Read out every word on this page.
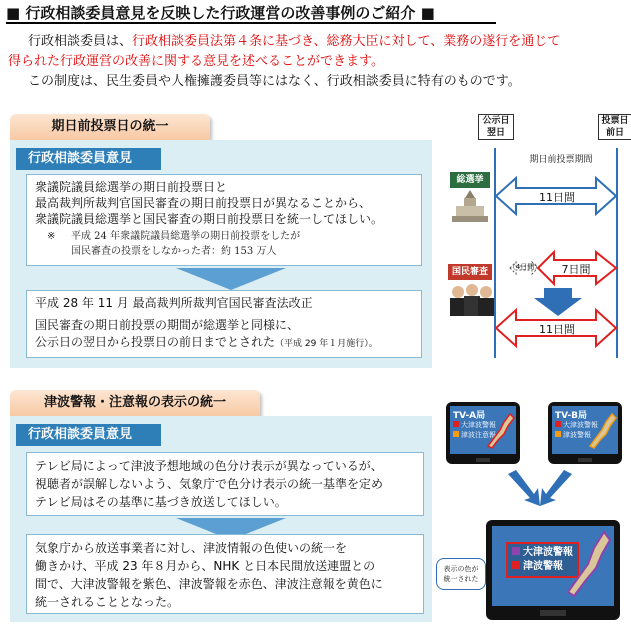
■ 行政相談委員意見を反映した行政運営の改善事例のご紹介 ■
行政相談委員は、行政相談委員法第４条に基づき、総務大臣に対して、業務の遂行を通じて
得られた行政運営の改善に関する意見を述べることができます。
この制度は、民生委員や人権擁護委員等にはなく、行政相談委員に特有のものです。
期日前投票日の統一
行政相談委員意見
衆議院議員総選挙の期日前投票日と
最高裁判所裁判官国民審査の期日前投票日が異なることから、
衆議院議員総選挙と国民審査の期日前投票日を統一してほしい。
※	平成 24 年衆議院議員総選挙の期日前投票をしたが
国民審査の投票をしなかった者：約 153 万人
平成 28 年 11 月 最高裁判所裁判官国民審査法改正
国民審査の期日前投票の期間が総選挙と同様に、
公示日の翌日から投票日の前日までとされた（平成 29 年１月施行）。
公示日
翌日
投票日
前日
期日前投票期間
総選挙
国民審査
11日間
（4日間）	7日間
11日間
津波警報・注意報の表示の統一
行政相談委員意見
テレビ局によって津波予想地域の色分け表示が異なっているが、
視聴者が誤解しないよう、気象庁で色分け表示の統一基準を定め
テレビ局はその基準に基づき放送してほしい。
気象庁から放送事業者に対し、津波情報の色使いの統一を
働きかけ、平成 23 年８月から、NHK と日本民間放送連盟との
間で、大津波警報を紫色、津波警報を赤色、津波注意報を黄色に
統一されることとなった。
TV-A局
大津波警報
津波注意報
TV-B局
大津波警報
津波警報
大津波警報
津波警報
表示の色が
統一された
